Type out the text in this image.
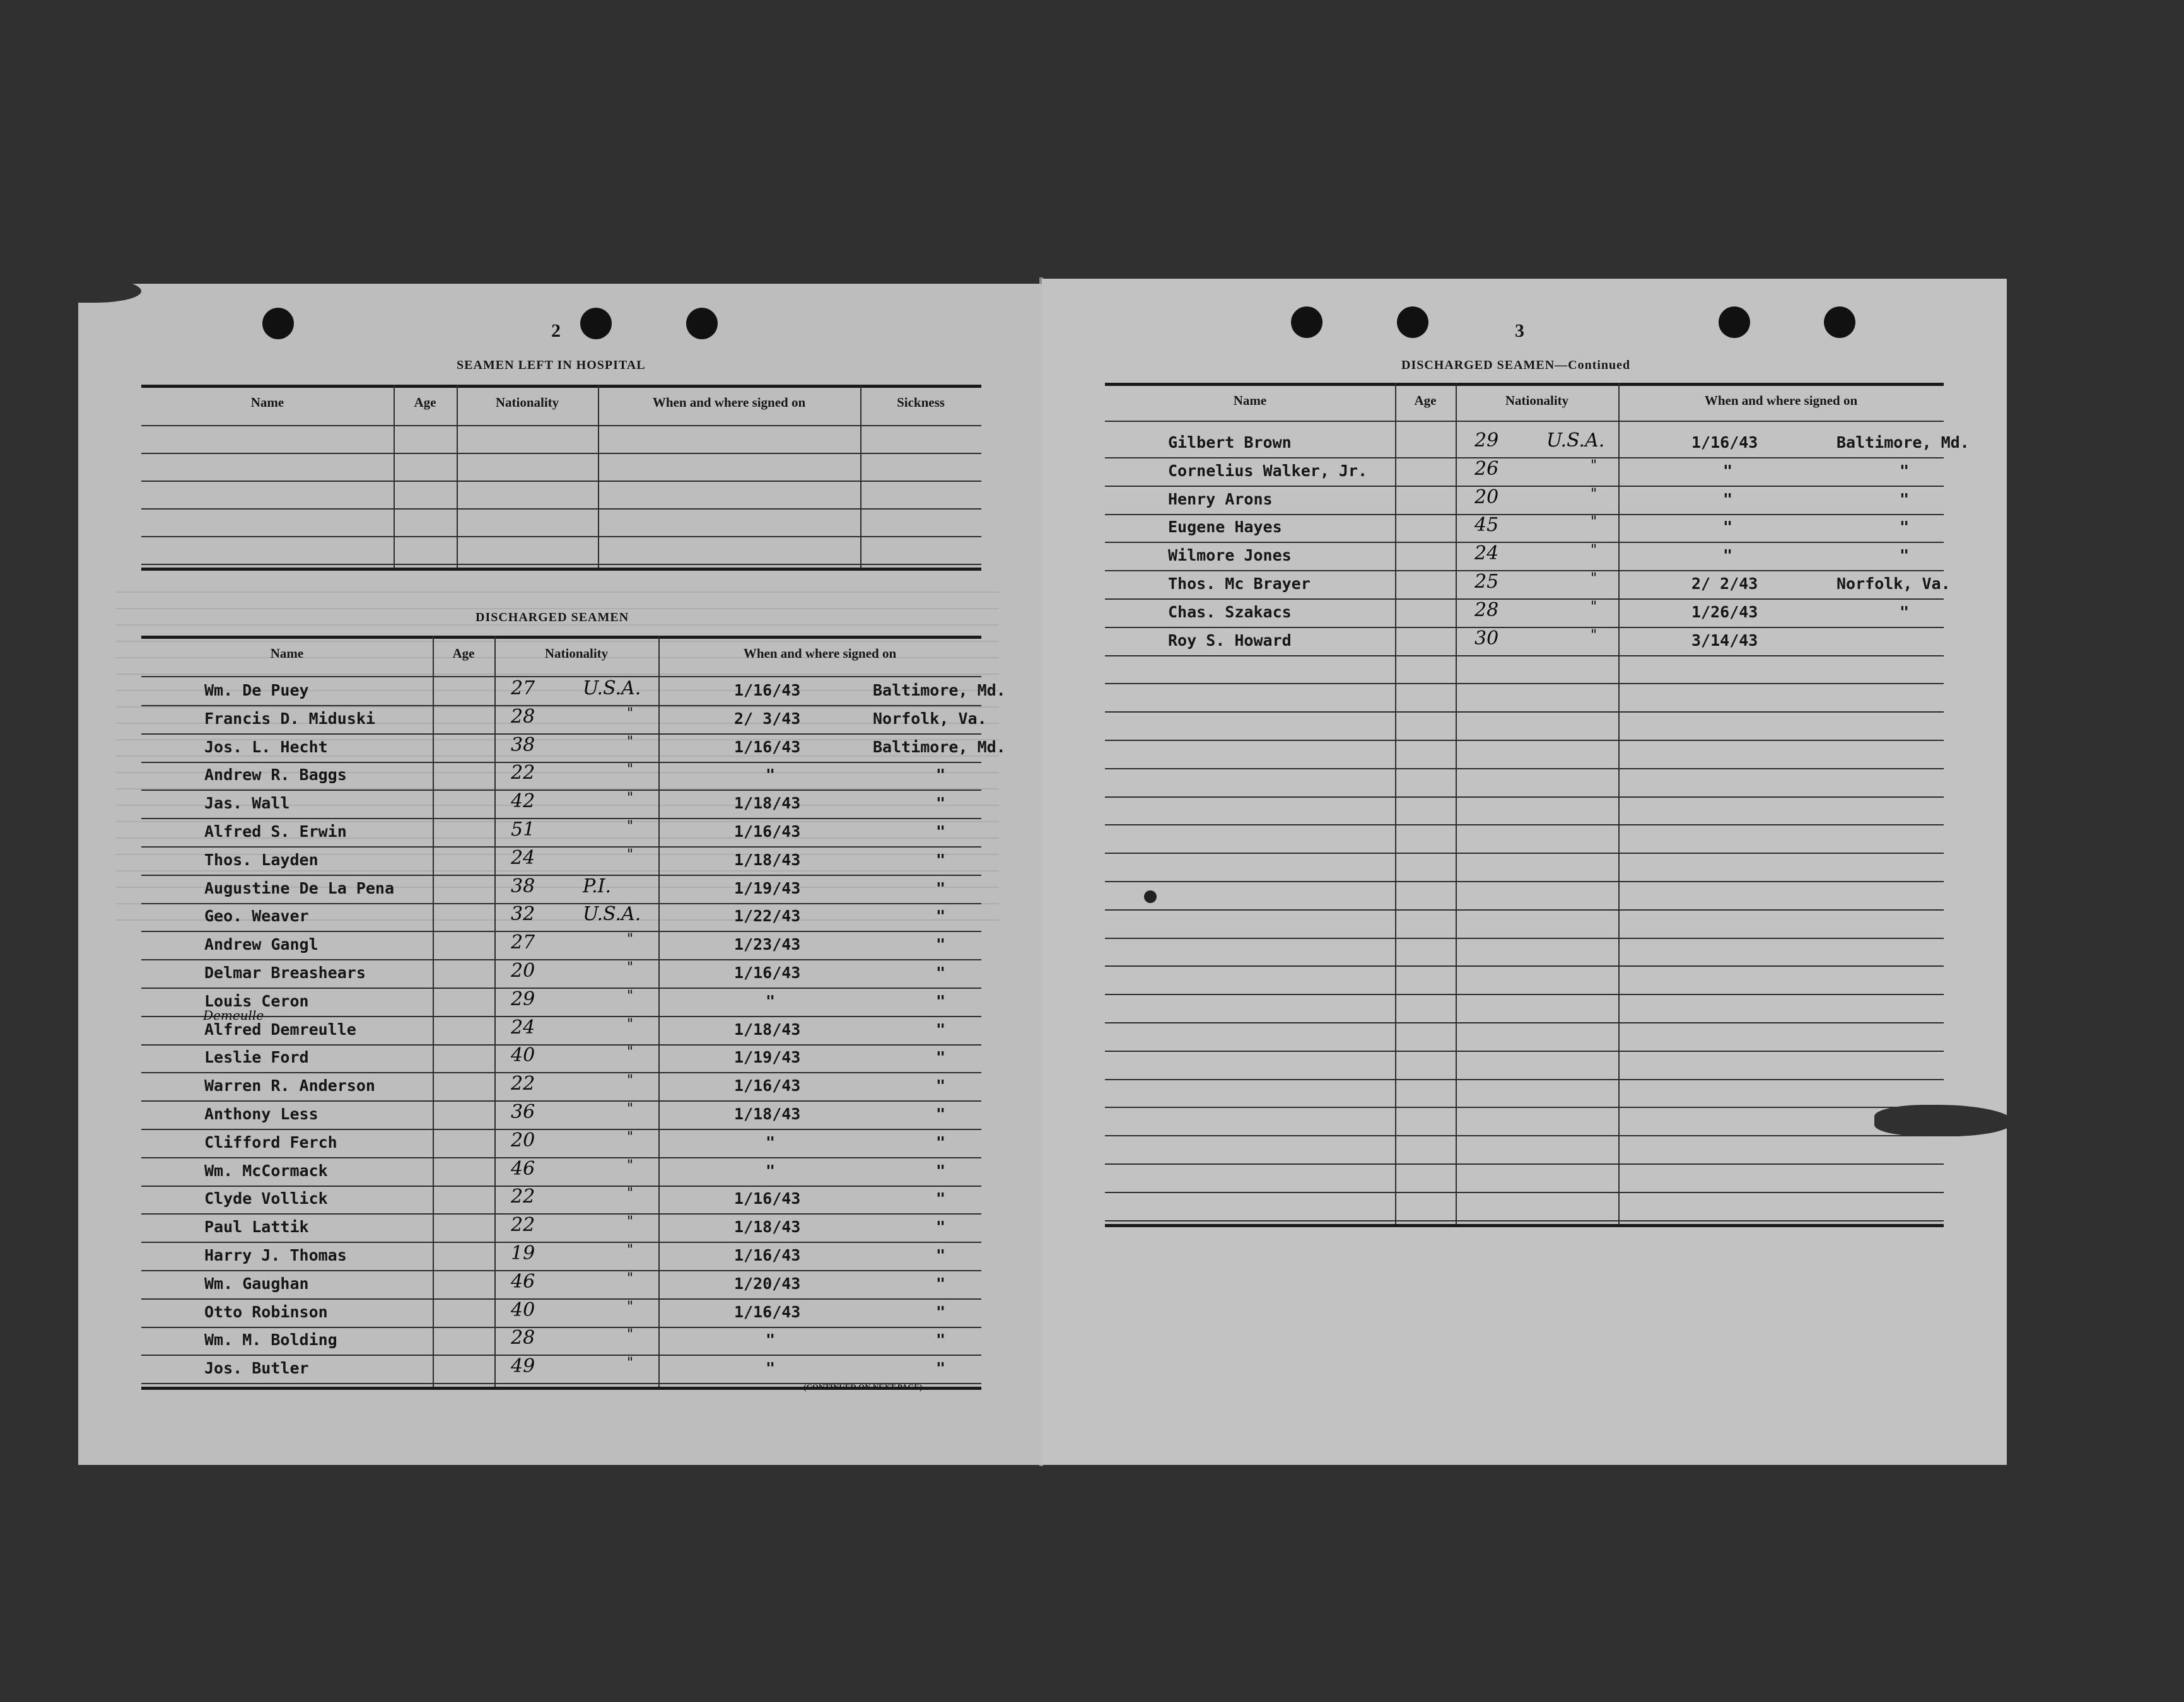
2
SEAMEN LEFT IN HOSPITAL
Name	Age	Nationality	When and where signed on	Sickness
DISCHARGED SEAMEN
Name	Age	Nationality	When and where signed on
Wm. De Puey	27	U.S.A.	1/16/43	Baltimore, Md.
Francis D. Miduski	28	"	2/ 3/43	Norfolk, Va.
Jos. L. Hecht	38	"	1/16/43	Baltimore, Md.
Andrew R. Baggs	22	"	"	"
Jas. Wall	42	"	1/18/43	"
Alfred S. Erwin	51	"	1/16/43	"
Thos. Layden	24	"	1/18/43	"
Augustine De La Pena	38	P.I.	1/19/43	"
Geo. Weaver	32	U.S.A.	1/22/43	"
Andrew Gangl	27	"	1/23/43	"
Delmar Breashears	20	"	1/16/43	"
Louis Ceron	29	"	"	"
Alfred Demreulle	24	"	1/18/43	"
Leslie Ford	40	"	1/19/43	"
Warren R. Anderson	22	"	1/16/43	"
Anthony Less	36	"	1/18/43	"
Clifford Ferch	20	"	"	"
Wm. McCormack	46	"	"	"
Clyde Vollick	22	"	1/16/43	"
Paul Lattik	22	"	1/18/43	"
Harry J. Thomas	19	"	1/16/43	"
Wm. Gaughan	46	"	1/20/43	"
Otto Robinson	40	"	1/16/43	"
Wm. M. Bolding	28	"	"	"
Jos. Butler	49	"	"	"
Demeulle
(CONTINUED ON NEXT PAGE)
3
DISCHARGED SEAMEN—Continued
Name	Age	Nationality	When and where signed on
Gilbert Brown	29	U.S.A.	1/16/43	Baltimore, Md.
Cornelius Walker, Jr.	26	"	"	"
Henry Arons	20	"	"	"
Eugene Hayes	45	"	"	"
Wilmore Jones	24	"	"	"
Thos. Mc Brayer	25	"	2/ 2/43	Norfolk, Va.
Chas. Szakacs	28	"	1/26/43	"
Roy S. Howard	30	"	3/14/43
